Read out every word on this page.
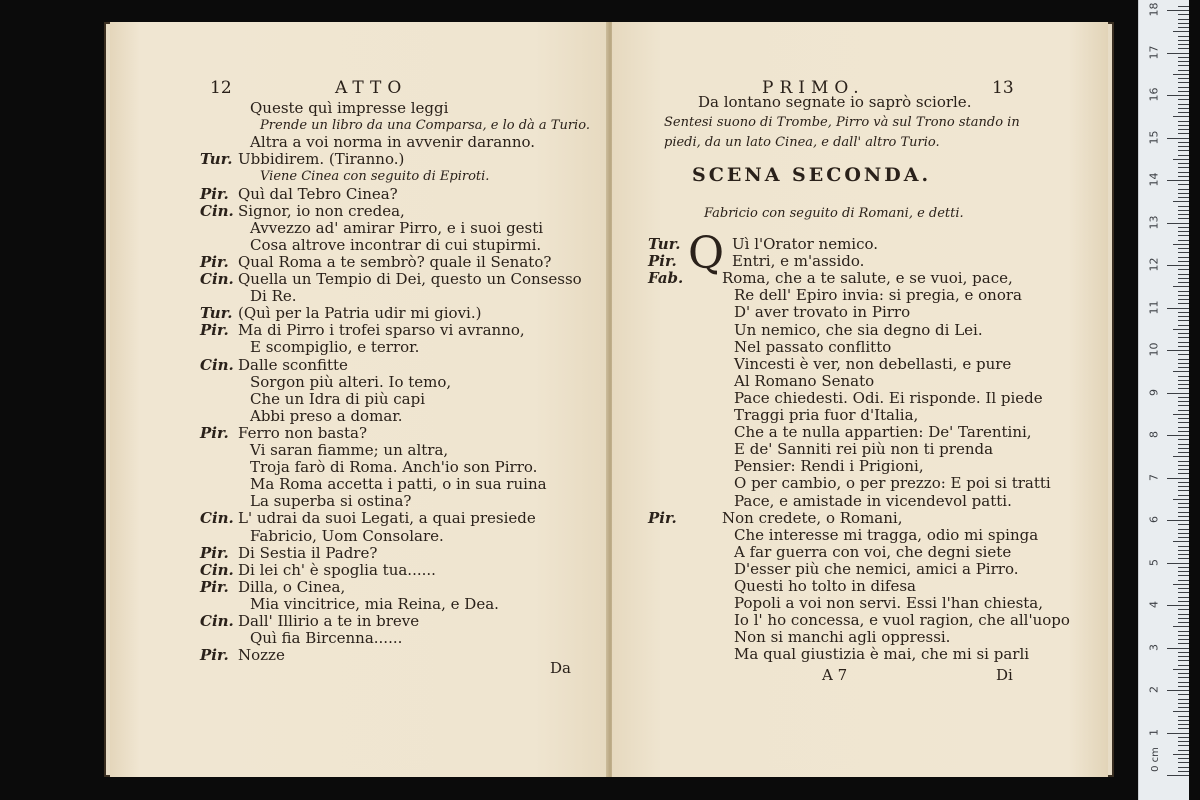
12	ATTO
Queste quì impresse leggi
Prende un libro da una Comparsa, e lo dà a Turio.
Altra a voi norma in avvenir daranno.
Tur. Ubbidirem. (Tiranno.)
Viene Cinea con seguito di Epiroti.
Pir. Quì dal Tebro Cinea?
Cin. Signor, io non credea,
Avvezzo ad' amirar Pirro, e i suoi gesti
Cosa altrove incontrar di cui stupirmi.
Pir. Qual Roma a te sembrò? quale il Senato?
Cin. Quella un Tempio di Dei, questo un Consesso
Di Re.
Tur. (Quì per la Patria udir mi giovi.)
Pir. Ma di Pirro i trofei sparso vi avranno,
E scompiglio, e terror.
Cin. Dalle sconfitte
Sorgon più alteri. Io temo,
Che un Idra di più capi
Abbi preso a domar.
Pir. Ferro non basta?
Vi saran fiamme; un altra,
Troja farò di Roma. Anch'io son Pirro.
Ma Roma accetta i patti, o in sua ruina
La superba si ostina?
Cin. L' udrai da suoi Legati, a quai presiede
Fabricio, Uom Consolare.
Pir. Di Sestia il Padre?
Cin. Di lei ch' è spoglia tua......
Pir. Dilla, o Cinea,
Mia vincitrice, mia Reina, e Dea.
Cin. Dall' Illirio a te in breve
Quì fia Bircenna......
Pir. Nozze
Da
PRIMO.	13
Da lontano segnate io saprò sciorle.
Sentesi suono di Trombe, Pirro và sul Trono stando in
piedi, da un lato Cinea, e dall' altro Turio.
SCENA SECONDA.
Fabricio con seguito di Romani, e detti.
Q
Tur.	Uì l'Orator nemico.
Pir.	Entri, e m'assido.
Fab.	Roma, che a te salute, e se vuoi, pace,
Re dell' Epiro invia: si pregia, e onora
D' aver trovato in Pirro
Un nemico, che sia degno di Lei.
Nel passato conflitto
Vincesti è ver, non debellasti, e pure
Al Romano Senato
Pace chiedesti. Odi. Ei risponde. Il piede
Traggi pria fuor d'Italia,
Che a te nulla appartien: De' Tarentini,
E de' Sanniti rei più non ti prenda
Pensier: Rendi i Prigioni,
O per cambio, o per prezzo: E poi si tratti
Pace, e amistade in vicendevol patti.
Pir.	Non credete, o Romani,
Che interesse mi tragga, odio mi spinga
A far guerra con voi, che degni siete
D'esser più che nemici, amici a Pirro.
Questi ho tolto in difesa
Popoli a voi non servi. Essi l'han chiesta,
Io l' ho concessa, e vuol ragion, che all'uopo
Non si manchi agli oppressi.
Ma qual giustizia è mai, che mi si parli
A 7	Di
0 cm
1
2
3
4
5
6
7
8
9
10
11
12
13
14
15
16
17
18
